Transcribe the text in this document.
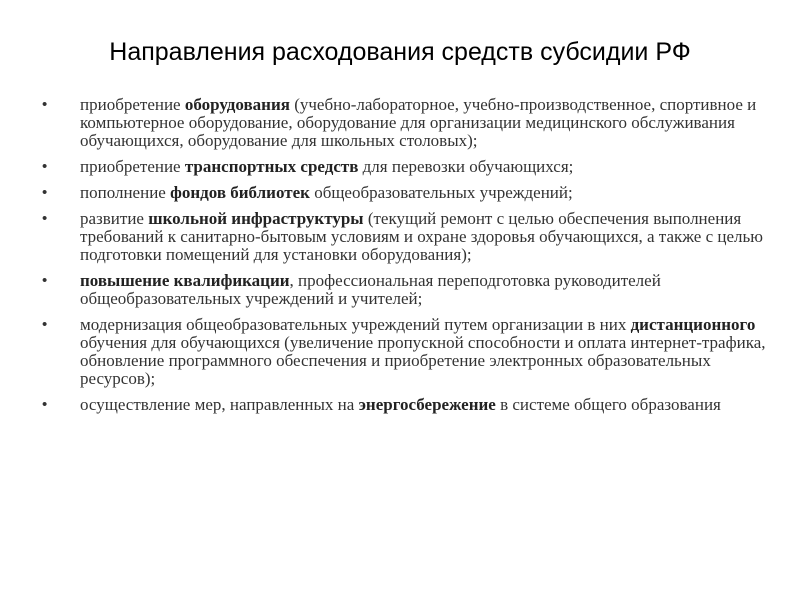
Направления расходования средств субсидии РФ
• приобретение оборудования (учебно-лабораторное, учебно-производственное, спортивное и компьютерное оборудование, оборудование для организации медицинского обслуживания обучающихся, оборудование для школьных столовых);
• приобретение транспортных средств для перевозки обучающихся;
• пополнение фондов библиотек общеобразовательных учреждений;
• развитие школьной инфраструктуры (текущий ремонт с целью обеспечения выполнения требований к санитарно-бытовым условиям и охране здоровья обучающихся, а также с целью подготовки помещений для установки оборудования);
• повышение квалификации, профессиональная переподготовка руководителей общеобразовательных учреждений и учителей;
• модернизация общеобразовательных учреждений путем организации в них дистанционного обучения для обучающихся (увеличение пропускной способности и оплата интернет-трафика, обновление программного обеспечения и приобретение электронных образовательных ресурсов);
• осуществление мер, направленных на энергосбережение в системе общего образования
